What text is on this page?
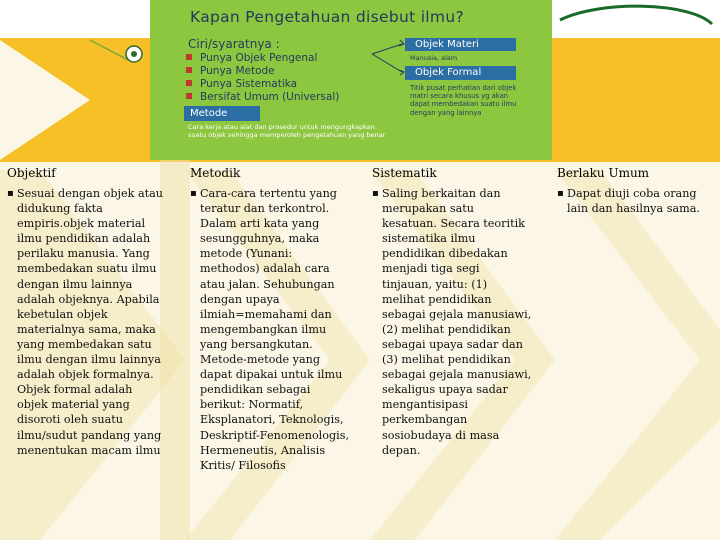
Kapan Pengetahuan disebut ilmu?
Ciri/syaratnya :
Punya Objek Pengenal
Punya Metode
Punya Sistematika
Bersifat Umum (Universal)
Metode
Cara kerja atau alat dan prosedur untuk mengungkapkan suatu objek sehingga memperoleh pengetahuan yang benar
Objek Materi
Manusia, alam
Objek Formal
Titik pusat perhatian dari objek matri secara khusus yg akan dapat membedakan suatu ilmu dengan yang lainnya
Objektif
▪ Sesuai dengan objek atau didukung fakta empiris.objek material ilmu pendidikan adalah perilaku manusia. Yang membedakan suatu ilmu dengan ilmu lainnya adalah objeknya. Apabila kebetulan objek materialnya sama, maka yang membedakan satu ilmu dengan ilmu lainnya adalah objek formalnya. Objek formal adalah objek material yang disoroti oleh suatu ilmu/sudut pandang yang menentukan macam ilmu
Metodik
▪ Cara-cara tertentu yang teratur dan terkontrol. Dalam arti kata yang sesungguhnya, maka metode (Yunani: methodos) adalah cara atau jalan. Sehubungan dengan upaya ilmiah=memahami dan mengembangkan ilmu yang bersangkutan. Metode-metode yang dapat dipakai untuk ilmu pendidikan sebagai berikut: Normatif, Eksplanatori, Teknologis, Deskriptif-Fenomenologis, Hermeneutis, Analisis Kritis/ Filosofis
Sistematik
▪ Saling berkaitan dan merupakan satu kesatuan. Secara teoritik sistematika ilmu pendidikan dibedakan menjadi tiga segi tinjauan, yaitu: (1) melihat pendidikan sebagai gejala manusiawi, (2) melihat pendidikan sebagai upaya sadar dan (3) melihat pendidikan sebagai gejala manusiawi, sekaligus upaya sadar mengantisipasi perkembangan sosiobudaya di masa depan.
Berlaku Umum
▪ Dapat diuji coba orang lain dan hasilnya sama.
